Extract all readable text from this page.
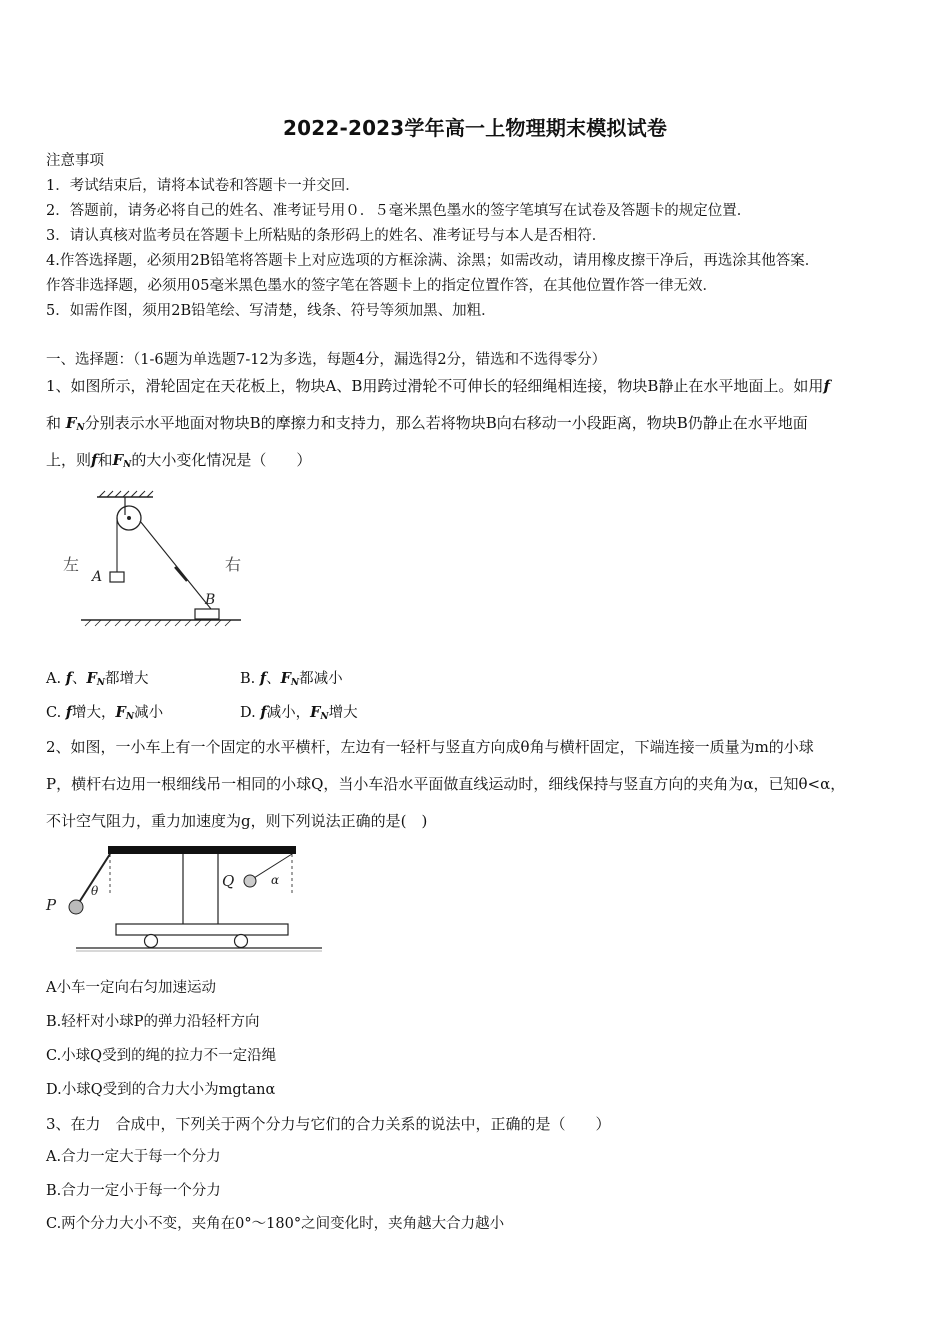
2022-2023学年高一上物理期末模拟试卷
注意事项
1．考试结束后，请将本试卷和答题卡一并交回．
2．答题前，请务必将自己的姓名、准考证号用０．５毫米黑色墨水的签字笔填写在试卷及答题卡的规定位置．
3．请认真核对监考员在答题卡上所粘贴的条形码上的姓名、准考证号与本人是否相符．
4.作答选择题，必须用2B铅笔将答题卡上对应选项的方框涂满、涂黑；如需改动，请用橡皮擦干净后，再选涂其他答案．
作答非选择题，必须用05毫米黑色墨水的签字笔在答题卡上的指定位置作答，在其他位置作答一律无效．
5．如需作图，须用2B铅笔绘、写清楚，线条、符号等须加黑、加粗．
一、选择题：（1-6题为单选题7-12为多选，每题4分，漏选得2分，错选和不选得零分）
1、如图所示，滑轮固定在天花板上，物块A、B用跨过滑轮不可伸长的轻细绳相连接，物块B静止在水平地面上。如用f
和 $F_N$分别表示水平地面对物块B的摩擦力和支持力，那么若将物块B向右移动一小段距离，物块B仍静止在水平地面
上，则f和$F_N$的大小变化情况是（　　）
左	右
A
B
A. f、$F_N$都增大	B. f、$F_N$都减小
C. f增大，$F_N$减小	D. f减小，$F_N$增大
2、如图，一小车上有一个固定的水平横杆，左边有一轻杆与竖直方向成θ角与横杆固定，下端连接一质量为m的小球
P，横杆右边用一根细线吊一相同的小球Q，当小车沿水平面做直线运动时，细线保持与竖直方向的夹角为α，已知θ<α，
不计空气阻力，重力加速度为g，则下列说法正确的是(　)
P
θ
Q	α
A小车一定向右匀加速运动
B.轻杆对小球P的弹力沿轻杆方向
C.小球Q受到的绳的拉力不一定沿绳
D.小球Q受到的合力大小为mgtanα
3、在力　合成中，下列关于两个分力与它们的合力关系的说法中，正确的是（　　）
A.合力一定大于每一个分力
B.合力一定小于每一个分力
C.两个分力大小不变，夹角在0°～180°之间变化时，夹角越大合力越小
